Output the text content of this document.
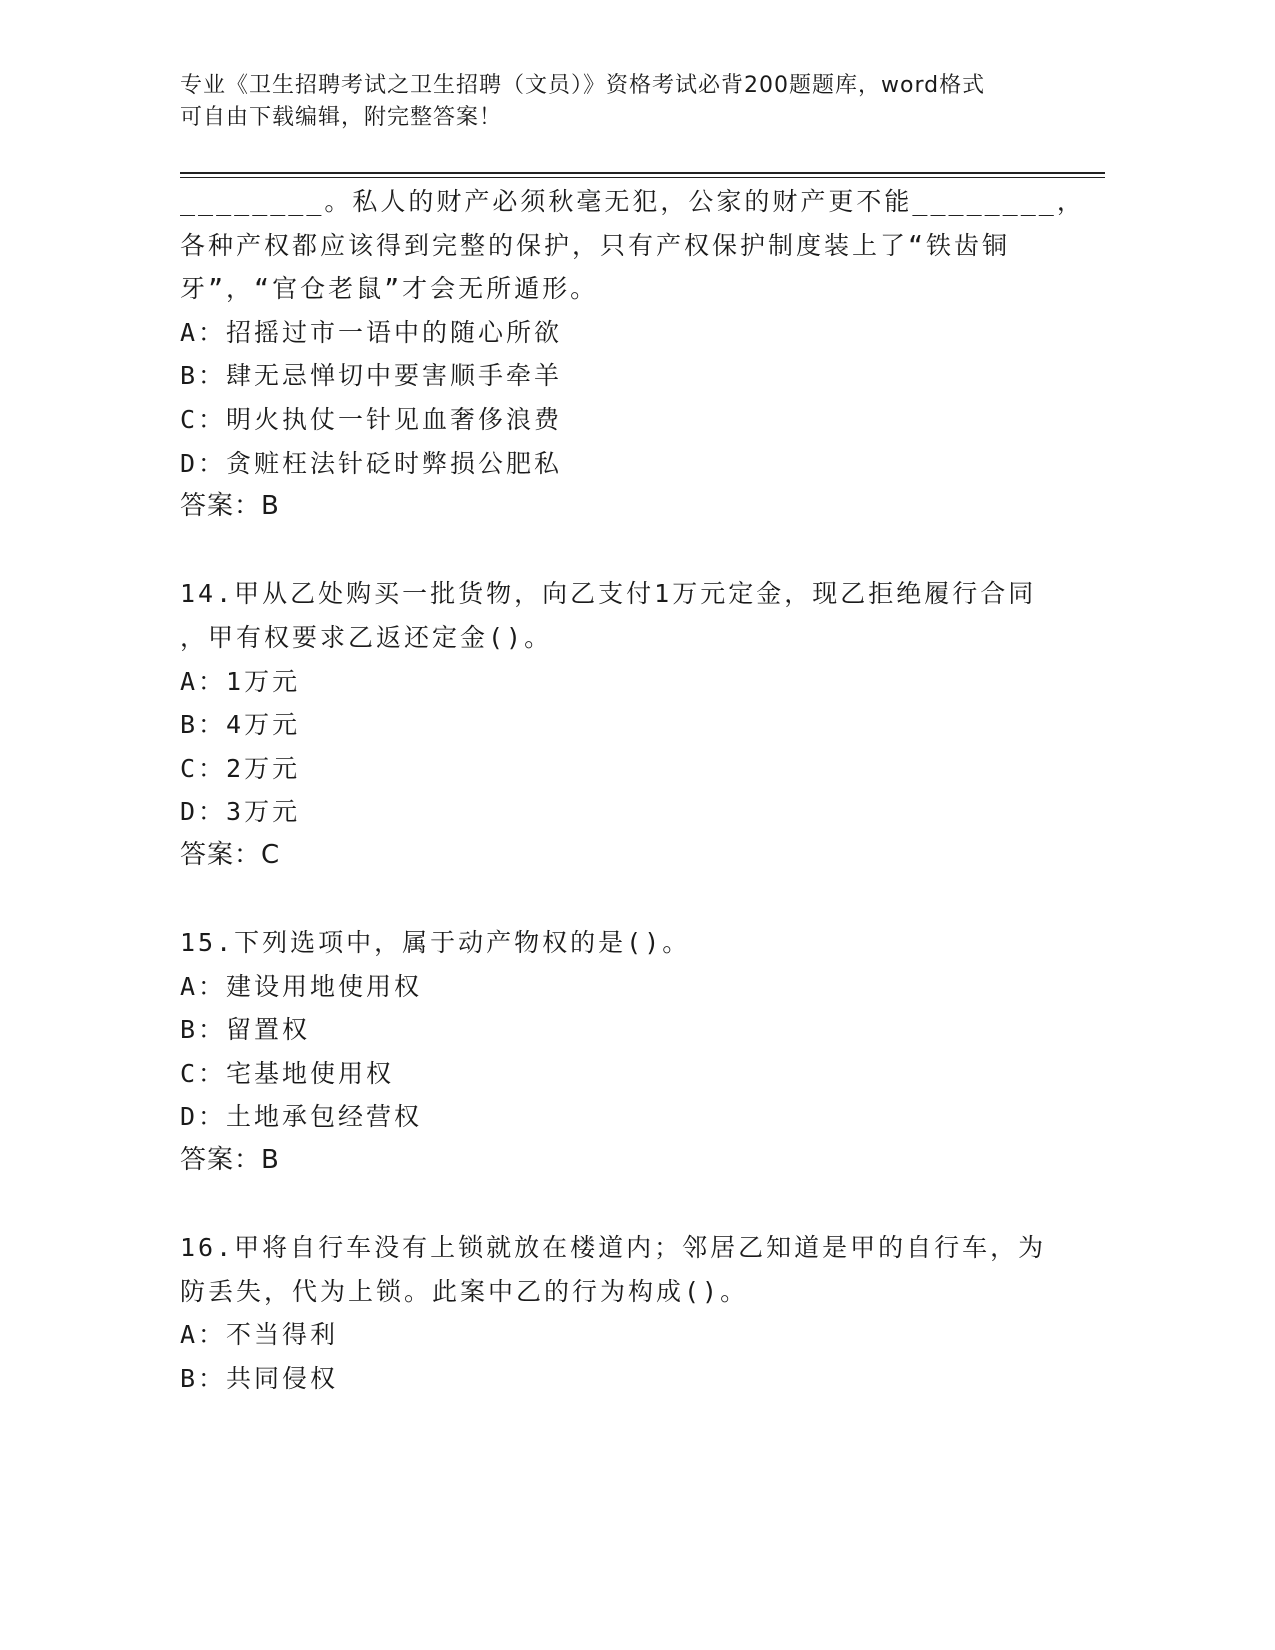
专业《卫生招聘考试之卫生招聘（文员）》资格考试必背200题题库，word格式
可自由下载编辑，附完整答案！
________。私人的财产必须秋毫无犯，公家的财产更不能________，
各种产权都应该得到完整的保护，只有产权保护制度装上了“铁齿铜
牙”，“官仓老鼠”才会无所遁形。
A：招摇过市一语中的随心所欲
B：肆无忌惮切中要害顺手牵羊
C：明火执仗一针见血奢侈浪费
D：贪赃枉法针砭时弊损公肥私
答案：B
14.甲从乙处购买一批货物，向乙支付1万元定金，现乙拒绝履行合同
，甲有权要求乙返还定金()。
A：1万元
B：4万元
C：2万元
D：3万元
答案：C
15.下列选项中，属于动产物权的是()。
A：建设用地使用权
B：留置权
C：宅基地使用权
D：土地承包经营权
答案：B
16.甲将自行车没有上锁就放在楼道内；邻居乙知道是甲的自行车，为
防丢失，代为上锁。此案中乙的行为构成()。
A：不当得利
B：共同侵权
